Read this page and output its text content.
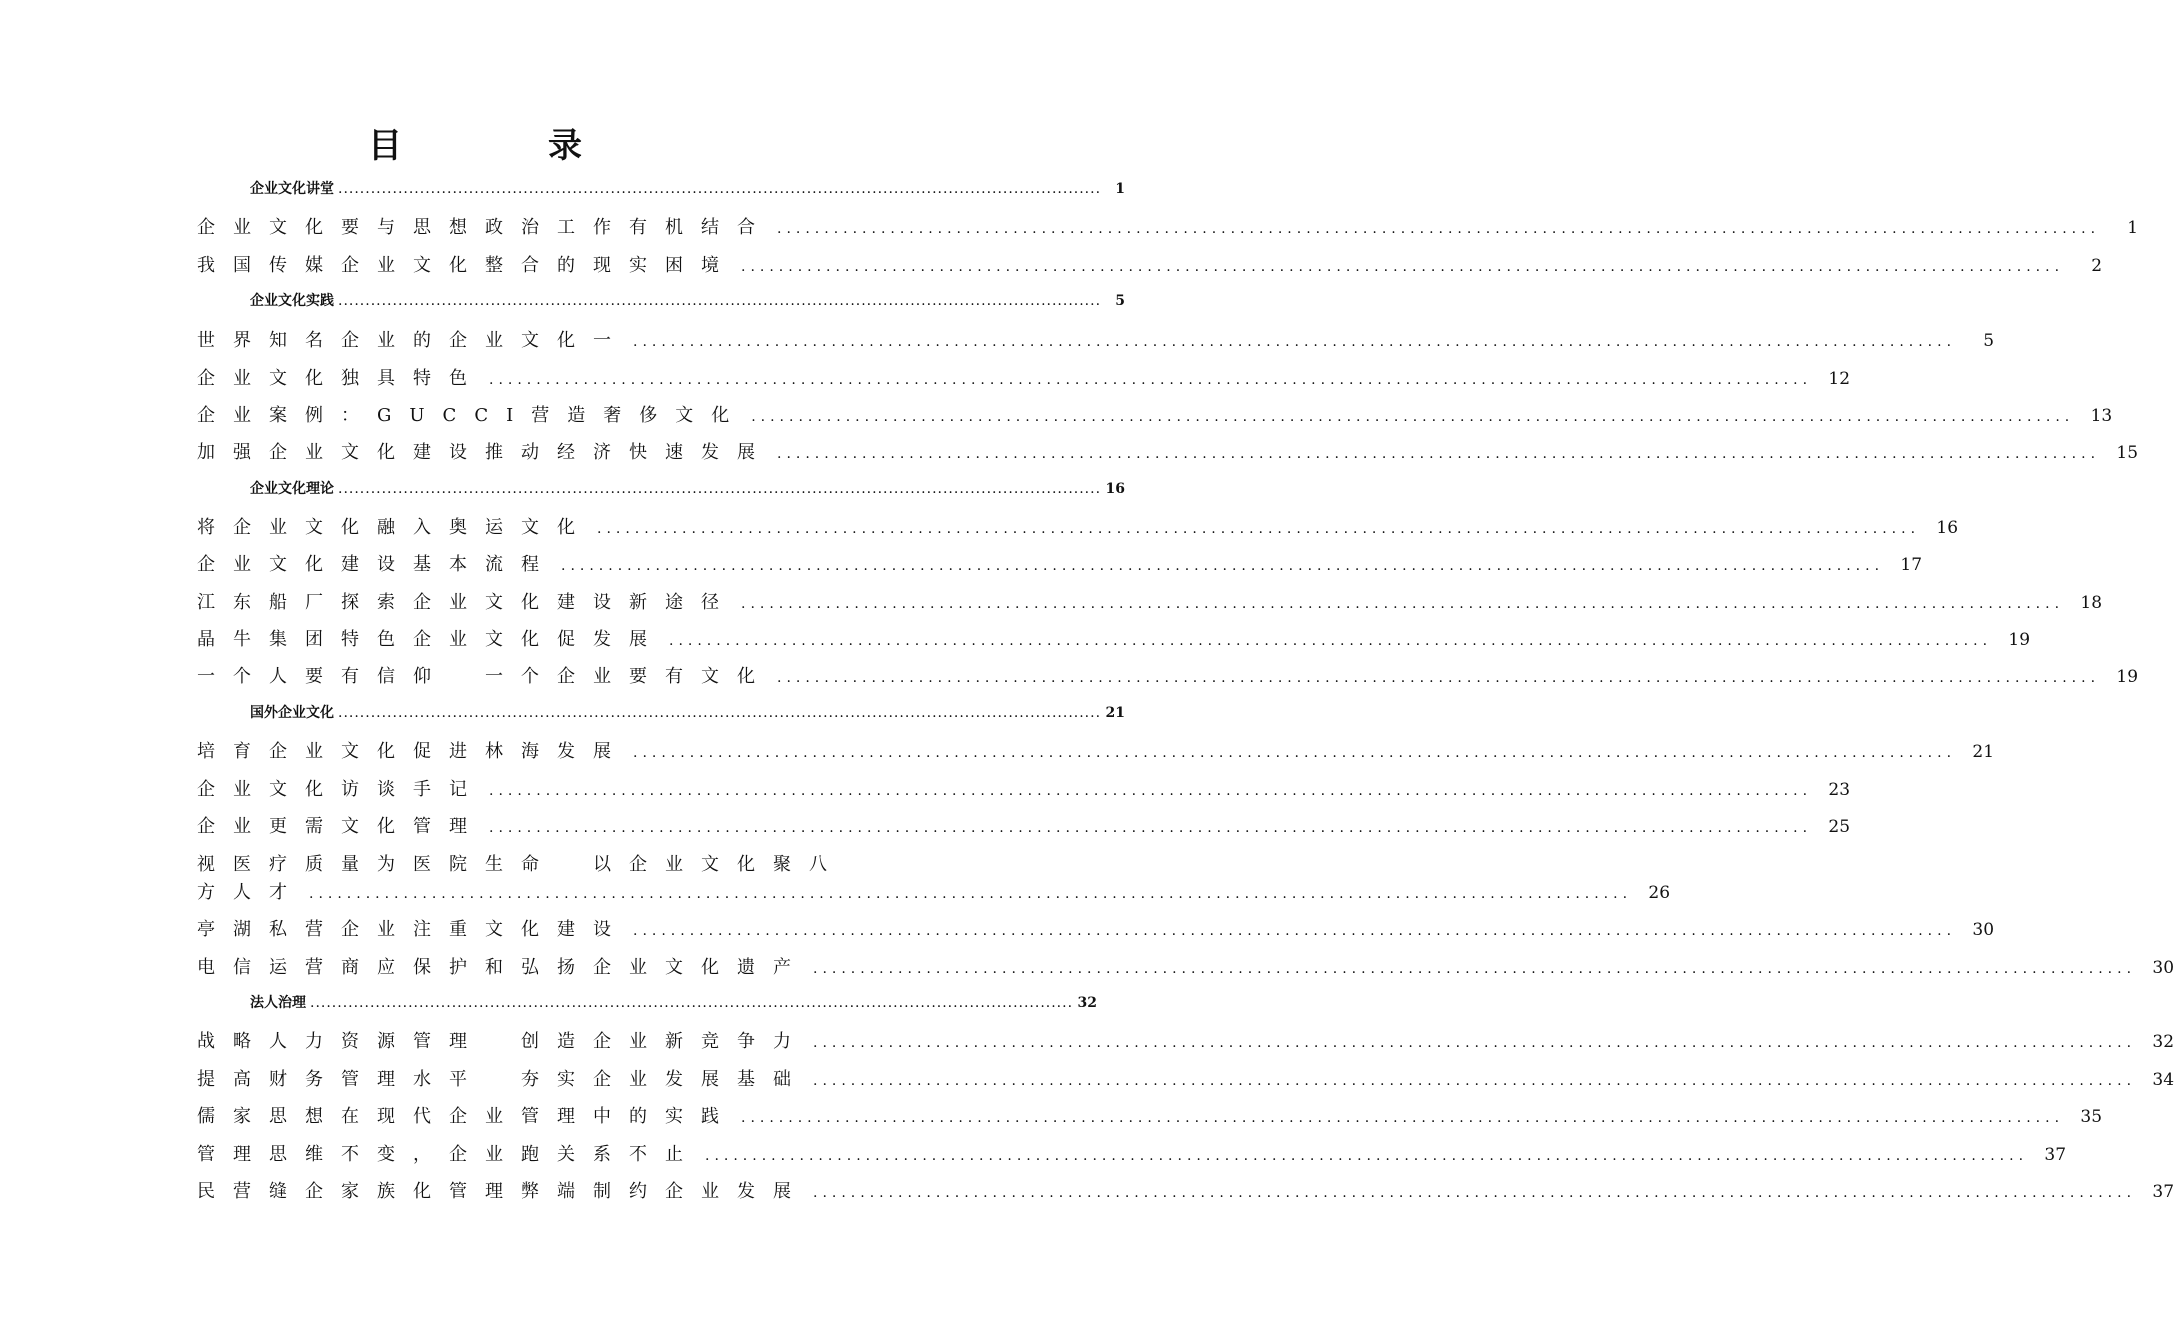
目　录
企业文化讲堂 ............................................................................................................................................	1
企业文化要与思想政治工作有机结合 ............................................................................................................................................	1
我国传媒企业文化整合的现实困境 ............................................................................................................................................	2
企业文化实践 ............................................................................................................................................	5
世界知名企业的企业文化一 ............................................................................................................................................	5
企业文化独具特色 ............................................................................................................................................ 12
企业案例：GUCCI营造奢侈文化 ............................................................................................................................................ 13
加强企业文化建设推动经济快速发展 ............................................................................................................................................ 15
企业文化理论 ............................................................................................................................................ 16
将企业文化融入奥运文化 ............................................................................................................................................ 16
企业文化建设基本流程 ............................................................................................................................................ 17
江东船厂探索企业文化建设新途径 ............................................................................................................................................ 18
晶牛集团特色企业文化促发展 ............................................................................................................................................ 19
一个人要有信仰　一个企业要有文化 ............................................................................................................................................ 19
国外企业文化 ............................................................................................................................................ 21
培育企业文化促进林海发展 ............................................................................................................................................ 21
企业文化访谈手记 ............................................................................................................................................ 23
企业更需文化管理 ............................................................................................................................................ 25
视医疗质量为医院生命　以企业文化聚八
方人才 ............................................................................................................................................ 26
亭湖私营企业注重文化建设 ............................................................................................................................................ 30
电信运营商应保护和弘扬企业文化遗产 ............................................................................................................................................ 30
法人治理 ............................................................................................................................................ 32
战略人力资源管理　创造企业新竞争力 ............................................................................................................................................ 32
提高财务管理水平　夯实企业发展基础 ............................................................................................................................................ 34
儒家思想在现代企业管理中的实践 ............................................................................................................................................ 35
管理思维不变，企业跑关系不止 ............................................................................................................................................ 37
民营缝企家族化管理弊端制约企业发展 ............................................................................................................................................ 37
